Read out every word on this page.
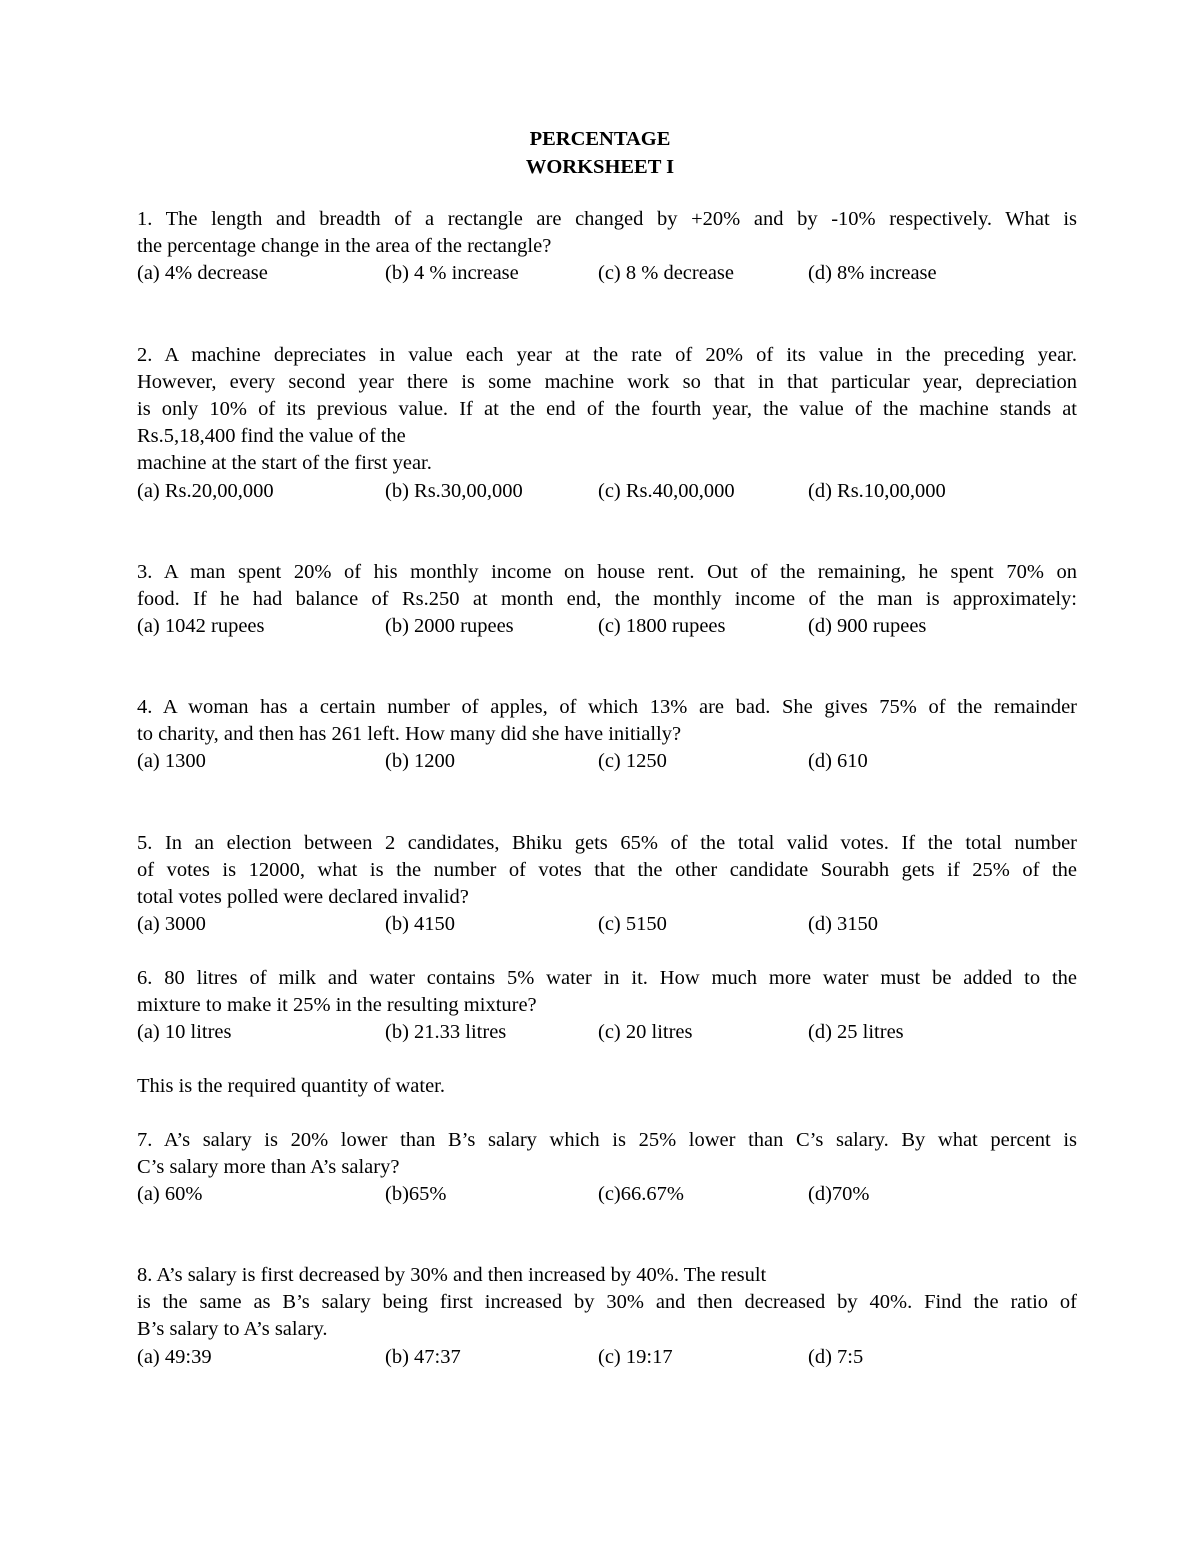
PERCENTAGE
WORKSHEET I
1. The length and breadth of a rectangle are changed by +20% and by -10% respectively. What is
the percentage change in the area of the rectangle?
(a) 4% decrease	(b) 4 % increase	(c) 8 % decrease	(d) 8% increase
2. A machine depreciates in value each year at the rate of 20% of its value in the preceding year.
However, every second year there is some machine work so that in that particular year, depreciation
is only 10% of its previous value. If at the end of the fourth year, the value of the machine stands at
Rs.5,18,400 find the value of the
machine at the start of the first year.
(a) Rs.20,00,000	(b) Rs.30,00,000	(c) Rs.40,00,000	(d) Rs.10,00,000
3. A man spent 20% of his monthly income on house rent. Out of the remaining, he spent 70% on
food. If he had balance of Rs.250 at month end, the monthly income of the man is approximately:
(a) 1042 rupees	(b) 2000 rupees	(c) 1800 rupees	(d) 900 rupees
4. A woman has a certain number of apples, of which 13% are bad. She gives 75% of the remainder
to charity, and then has 261 left. How many did she have initially?
(a) 1300	(b) 1200	(c) 1250	(d) 610
5. In an election between 2 candidates, Bhiku gets 65% of the total valid votes. If the total number
of votes is 12000, what is the number of votes that the other candidate Sourabh gets if 25% of the
total votes polled were declared invalid?
(a) 3000	(b) 4150	(c) 5150	(d) 3150
6. 80 litres of milk and water contains 5% water in it. How much more water must be added to the
mixture to make it 25% in the resulting mixture?
(a) 10 litres	(b) 21.33 litres	(c) 20 litres	(d) 25 litres
This is the required quantity of water.
7. A’s salary is 20% lower than B’s salary which is 25% lower than C’s salary. By what percent is
C’s salary more than A’s salary?
(a) 60%	(b)65%	(c)66.67%	(d)70%
8. A’s salary is first decreased by 30% and then increased by 40%. The result
is the same as B’s salary being first increased by 30% and then decreased by 40%. Find the ratio of
B’s salary to A’s salary.
(a) 49:39	(b) 47:37	(c) 19:17	(d) 7:5
